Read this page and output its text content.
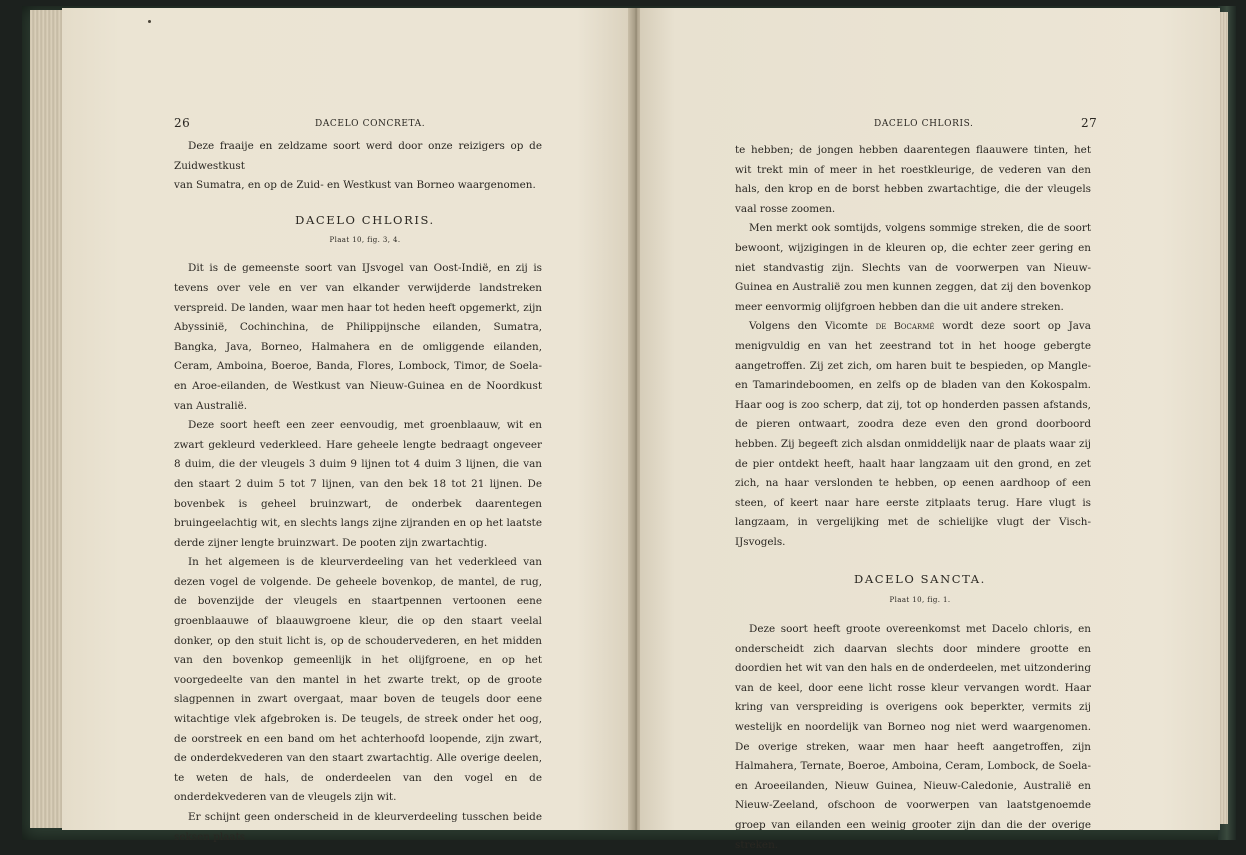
26	DACELO CONCRETA.

Deze fraaije en zeldzame soort werd door onze reizigers op de Zuidwestkust

van Sumatra, en op de Zuid- en Westkust van Borneo waargenomen.

DACELO CHLORIS.

Plaat 10, fig. 3, 4.

Dit is de gemeenste soort van IJsvogel van Oost-Indië, en zij is tevens over vele en ver van elkander verwijderde landstreken verspreid. De landen, waar men haar tot heden heeft opgemerkt, zijn Abyssinië, Cochinchina, de Philippijnsche eilanden, Sumatra, Bangka, Java, Borneo, Halmahera en de omliggende eilanden, Ceram, Amboina, Boeroe, Banda, Flores, Lombock, Timor, de Soela- en Aroe-eilanden, de Westkust van Nieuw-Guinea en de Noordkust van Australië.

Deze soort heeft een zeer eenvoudig, met groenblaauw, wit en zwart gekleurd vederkleed. Hare geheele lengte bedraagt ongeveer 8 duim, die der vleugels 3 duim 9 lijnen tot 4 duim 3 lijnen, die van den staart 2 duim 5 tot 7 lijnen, van den bek 18 tot 21 lijnen. De bovenbek is geheel bruinzwart, de onderbek daarentegen bruingeelachtig wit, en slechts langs zijne zijranden en op het laatste derde zijner lengte bruinzwart. De pooten zijn zwartachtig.

In het algemeen is de kleurverdeeling van het vederkleed van dezen vogel de volgende. De geheele bovenkop, de mantel, de rug, de bovenzijde der vleugels en staartpennen vertoonen eene groenblaauwe of blaauwgroene kleur, die op den staart veelal donker, op den stuit licht is, op de schoudervederen, en het midden van den bovenkop gemeenlijk in het olijfgroene, en op het voorgedeelte van den mantel in het zwarte trekt, op de groote slagpennen in zwart overgaat, maar boven de teugels door eene witachtige vlek afgebroken is. De teugels, de streek onder het oog, de oorstreek en een band om het achterhoofd loopende, zijn zwart, de onderdekvederen van den staart zwartachtig. Alle overige deelen, te weten de hals, de onderdeelen van den vogel en de onderdekvederen van de vleugels zijn wit.

Er schijnt geen onderscheid in de kleurverdeeling tusschen beide seksen plaats

DACELO CHLORIS.	27

te hebben; de jongen hebben daarentegen flaauwere tinten, het wit trekt min of meer in het roestkleurige, de vederen van den hals, den krop en de borst hebben zwartachtige, die der vleugels vaal rosse zoomen.

Men merkt ook somtijds, volgens sommige streken, die de soort bewoont, wijzigingen in de kleuren op, die echter zeer gering en niet standvastig zijn. Slechts van de voorwerpen van Nieuw-Guinea en Australië zou men kunnen zeggen, dat zij den bovenkop meer eenvormig olijfgroen hebben dan die uit andere streken.

Volgens den Vicomte de Bocarmé wordt deze soort op Java menigvuldig en van het zeestrand tot in het hooge gebergte aangetroffen. Zij zet zich, om haren buit te bespieden, op Mangle- en Tamarindeboomen, en zelfs op de bladen van den Kokospalm. Haar oog is zoo scherp, dat zij, tot op honderden passen afstands, de pieren ontwaart, zoodra deze even den grond doorboord hebben. Zij begeeft zich alsdan onmiddelijk naar de plaats waar zij de pier ontdekt heeft, haalt haar langzaam uit den grond, en zet zich, na haar verslonden te hebben, op eenen aardhoop of een steen, of keert naar hare eerste zitplaats terug. Hare vlugt is langzaam, in vergelijking met de schielijke vlugt der Visch-IJsvogels.

DACELO SANCTA.

Plaat 10, fig. 1.

Deze soort heeft groote overeenkomst met Dacelo chloris, en onderscheidt zich daarvan slechts door mindere grootte en doordien het wit van den hals en de onderdeelen, met uitzondering van de keel, door eene licht rosse kleur vervangen wordt. Haar kring van verspreiding is overigens ook beperkter, vermits zij westelijk en noordelijk van Borneo nog niet werd waargenomen. De overige streken, waar men haar heeft aangetroffen, zijn Halmahera, Ternate, Boeroe, Amboina, Ceram, Lombock, de Soela- en Aroeeilanden, Nieuw Guinea, Nieuw-Caledonie, Australië en Nieuw-Zeeland, ofschoon de voorwerpen van laatstgenoemde groep van eilanden een weinig grooter zijn dan die der overige streken.
